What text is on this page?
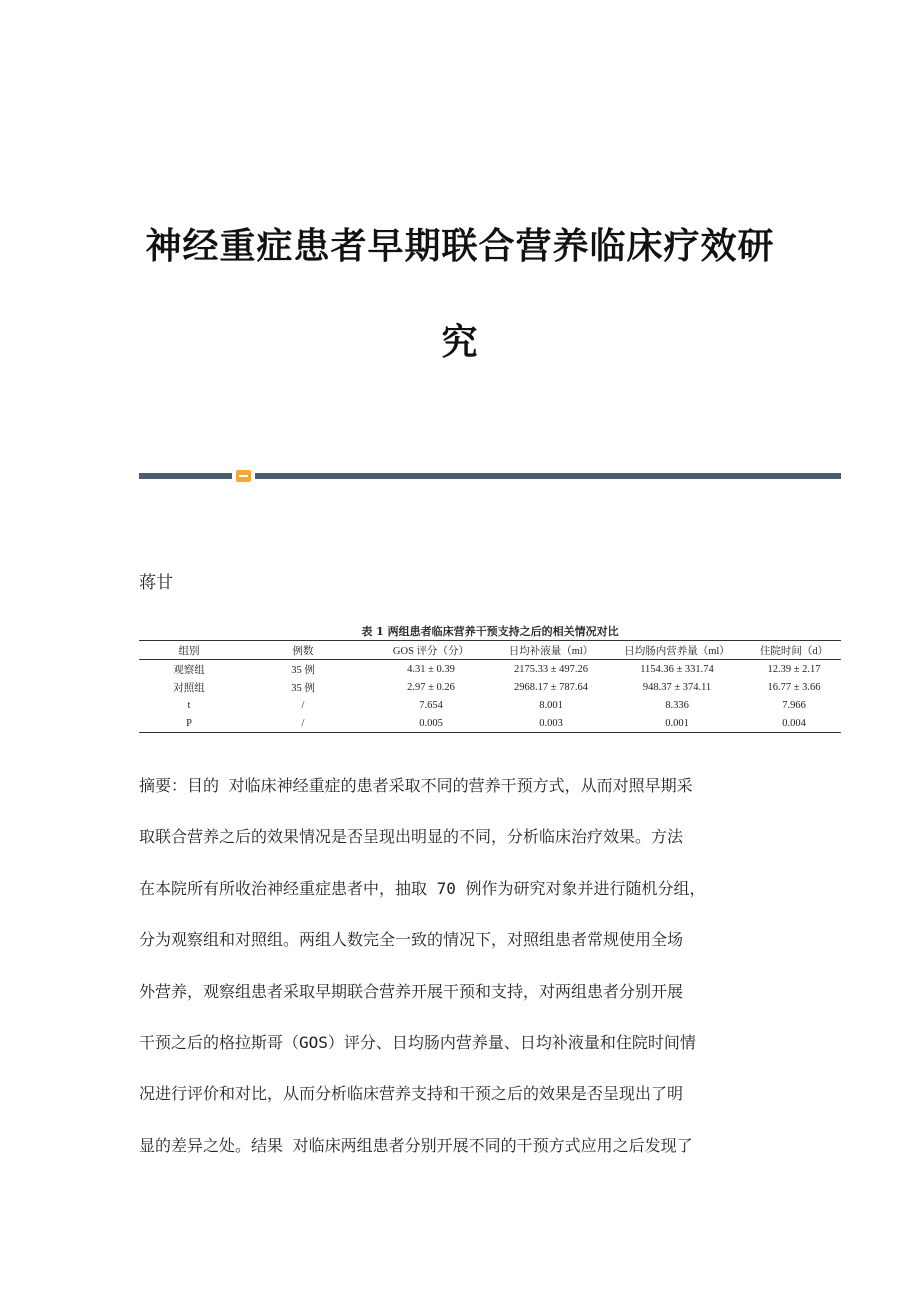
神经重症患者早期联合营养临床疗效研
究
蒋甘
表 1 两组患者临床营养干预支持之后的相关情况对比
组别	例数	GOS 评分（分）	日均补液量（ml）	日均肠内营养量（ml）	住院时间（d）
观察组	35 例	4.31 ± 0.39	2175.33 ± 497.26	1154.36 ± 331.74	12.39 ± 2.17
对照组	35 例	2.97 ± 0.26	2968.17 ± 787.64	948.37 ± 374.11	16.77 ± 3.66
t	/	7.654	8.001	8.336	7.966
P	/	0.005	0.003	0.001	0.004
摘要：目的 对临床神经重症的患者采取不同的营养干预方式，从而对照早期采
取联合营养之后的效果情况是否呈现出明显的不同，分析临床治疗效果。方法
在本院所有所收治神经重症患者中，抽取 70 例作为研究对象并进行随机分组，
分为观察组和对照组。两组人数完全一致的情况下，对照组患者常规使用全场
外营养，观察组患者采取早期联合营养开展干预和支持，对两组患者分别开展
干预之后的格拉斯哥（GOS）评分、日均肠内营养量、日均补液量和住院时间情
况进行评价和对比，从而分析临床营养支持和干预之后的效果是否呈现出了明
显的差异之处。结果 对临床两组患者分别开展不同的干预方式应用之后发现了
